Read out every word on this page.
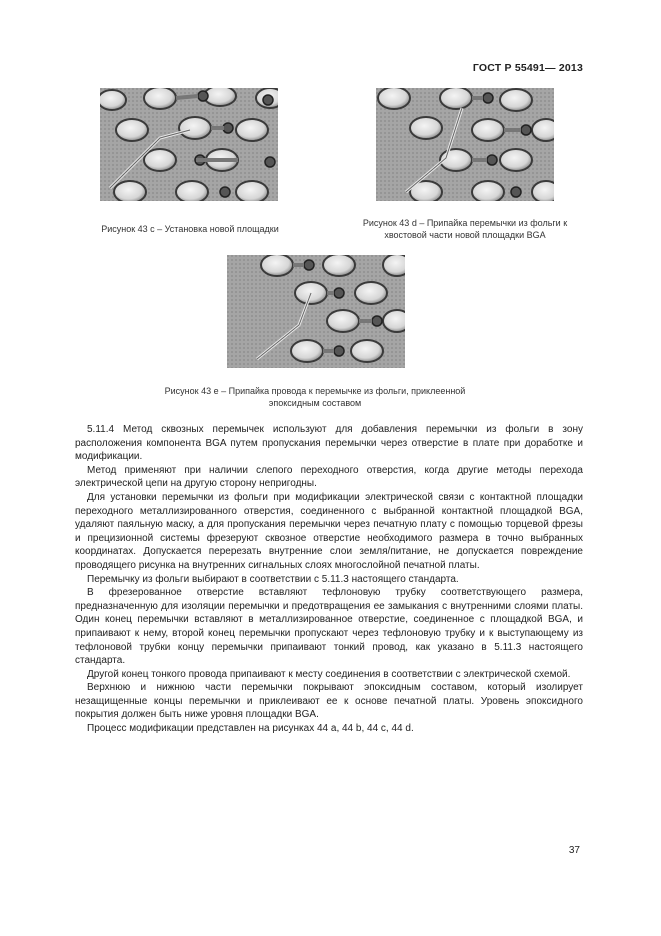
ГОСТ Р 55491— 2013
Рисунок 43 с – Установка новой площадки
Рисунок 43 d – Припайка перемычки из фольги к
хвостовой части новой площадки BGA
Рисунок 43 е – Припайка провода к перемычке из фольги, приклеенной
эпоксидным составом

5.11.4 Метод сквозных перемычек используют для добавления перемычки из фольги в зону расположения компонента BGA путем пропускания перемычки через отверстие в плате при доработке и модификации.

Метод применяют при наличии слепого переходного отверстия, когда другие методы перехода электрической цепи на другую сторону непригодны.

Для установки перемычки из фольги при модификации электрической связи с контактной площадки переходного металлизированного отверстия, соединенного с выбранной контактной площадкой BGA, удаляют паяльную маску, а для пропускания перемычки через печатную плату с помощью торцевой фрезы и прецизионной системы фрезеруют сквозное отверстие необходимого размера в точно выбранных координатах. Допускается перерезать внутренние слои земля/питание, не допускается повреждение проводящего рисунка на внутренних сигнальных слоях многослойной печатной платы.

Перемычку из фольги выбирают в соответствии с 5.11.3 настоящего стандарта.

В фрезерованное отверстие вставляют тефлоновую трубку соответствующего размера, предназначенную для изоляции перемычки и предотвращения ее замыкания с внутренними слоями платы. Один конец перемычки вставляют в металлизированное отверстие, соединенное с площадкой BGA, и припаивают к нему, второй конец перемычки пропускают через тефлоновую трубку и к выступающему из тефлоновой трубки концу перемычки припаивают тонкий провод, как указано в 5.11.3 настоящего стандарта.

Другой конец тонкого провода припаивают к месту соединения в соответствии с электрической схемой.

Верхнюю и нижнюю части перемычки покрывают эпоксидным составом, который изолирует незащищенные концы перемычки и приклеивают ее к основе печатной платы. Уровень эпоксидного покрытия должен быть ниже уровня площадки BGA.

Процесс модификации представлен на рисунках 44 а, 44 b, 44 с, 44 d.

37
